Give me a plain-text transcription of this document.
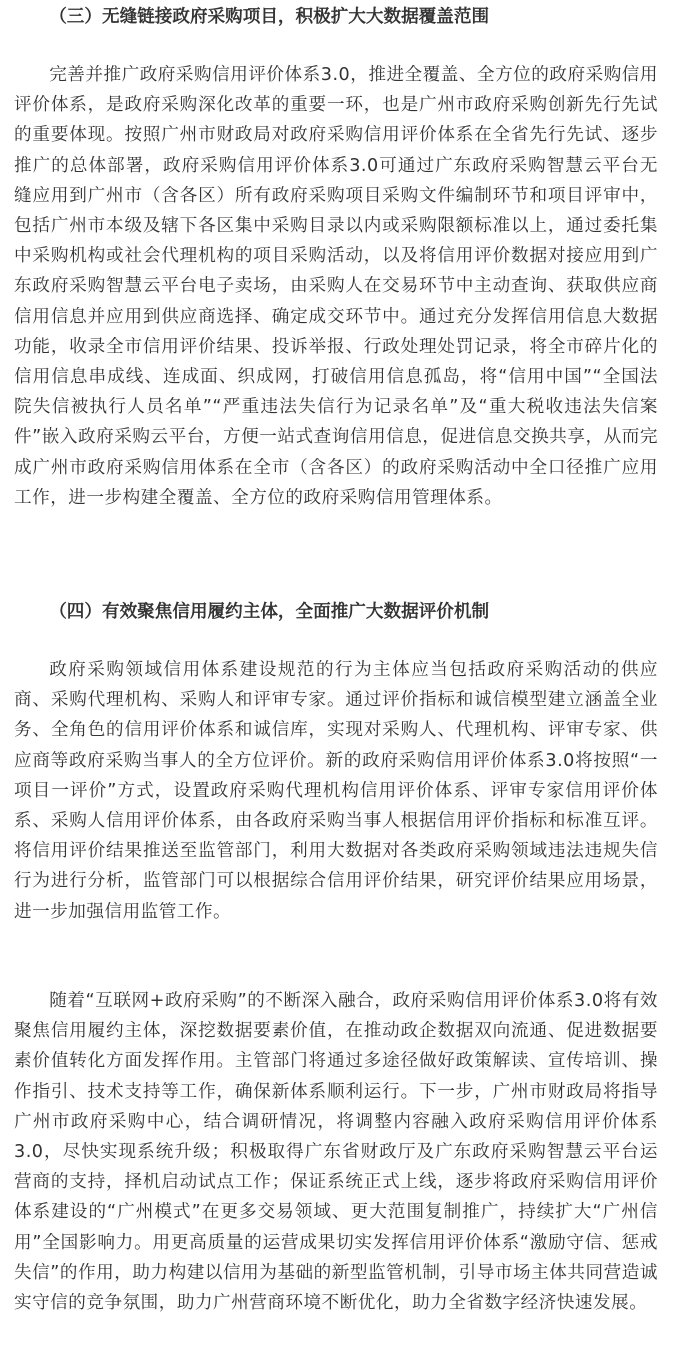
（三）无缝链接政府采购项目，积极扩大大数据覆盖范围

完善并推广政府采购信用评价体系3.0，推进全覆盖、全方位的政府采购信用评价体系，是政府采购深化改革的重要一环，也是广州市政府采购创新先行先试的重要体现。按照广州市财政局对政府采购信用评价体系在全省先行先试、逐步推广的总体部署，政府采购信用评价体系3.0可通过广东政府采购智慧云平台无缝应用到广州市（含各区）所有政府采购项目采购文件编制环节和项目评审中，包括广州市本级及辖下各区集中采购目录以内或采购限额标准以上，通过委托集中采购机构或社会代理机构的项目采购活动，以及将信用评价数据对接应用到广东政府采购智慧云平台电子卖场，由采购人在交易环节中主动查询、获取供应商信用信息并应用到供应商选择、确定成交环节中。通过充分发挥信用信息大数据功能，收录全市信用评价结果、投诉举报、行政处理处罚记录，将全市碎片化的信用信息串成线、连成面、织成网，打破信用信息孤岛，将“信用中国”“全国法院失信被执行人员名单”“严重违法失信行为记录名单”及“重大税收违法失信案件”嵌入政府采购云平台，方便一站式查询信用信息，促进信息交换共享，从而完成广州市政府采购信用体系在全市（含各区）的政府采购活动中全口径推广应用工作，进一步构建全覆盖、全方位的政府采购信用管理体系。

（四）有效聚焦信用履约主体，全面推广大数据评价机制

政府采购领域信用体系建设规范的行为主体应当包括政府采购活动的供应商、采购代理机构、采购人和评审专家。通过评价指标和诚信模型建立涵盖全业务、全角色的信用评价体系和诚信库，实现对采购人、代理机构、评审专家、供应商等政府采购当事人的全方位评价。新的政府采购信用评价体系3.0将按照“一项目一评价”方式，设置政府采购代理机构信用评价体系、评审专家信用评价体系、采购人信用评价体系，由各政府采购当事人根据信用评价指标和标准互评。将信用评价结果推送至监管部门，利用大数据对各类政府采购领域违法违规失信行为进行分析，监管部门可以根据综合信用评价结果，研究评价结果应用场景，进一步加强信用监管工作。

随着“互联网+政府采购”的不断深入融合，政府采购信用评价体系3.0将有效聚焦信用履约主体，深挖数据要素价值，在推动政企数据双向流通、促进数据要素价值转化方面发挥作用。主管部门将通过多途径做好政策解读、宣传培训、操作指引、技术支持等工作，确保新体系顺利运行。下一步，广州市财政局将指导广州市政府采购中心，结合调研情况，将调整内容融入政府采购信用评价体系3.0，尽快实现系统升级；积极取得广东省财政厅及广东政府采购智慧云平台运营商的支持，择机启动试点工作；保证系统正式上线，逐步将政府采购信用评价体系建设的“广州模式”在更多交易领域、更大范围复制推广，持续扩大“广州信用”全国影响力。用更高质量的运营成果切实发挥信用评价体系“激励守信、惩戒失信”的作用，助力构建以信用为基础的新型监管机制，引导市场主体共同营造诚实守信的竞争氛围，助力广州营商环境不断优化，助力全省数字经济快速发展。
